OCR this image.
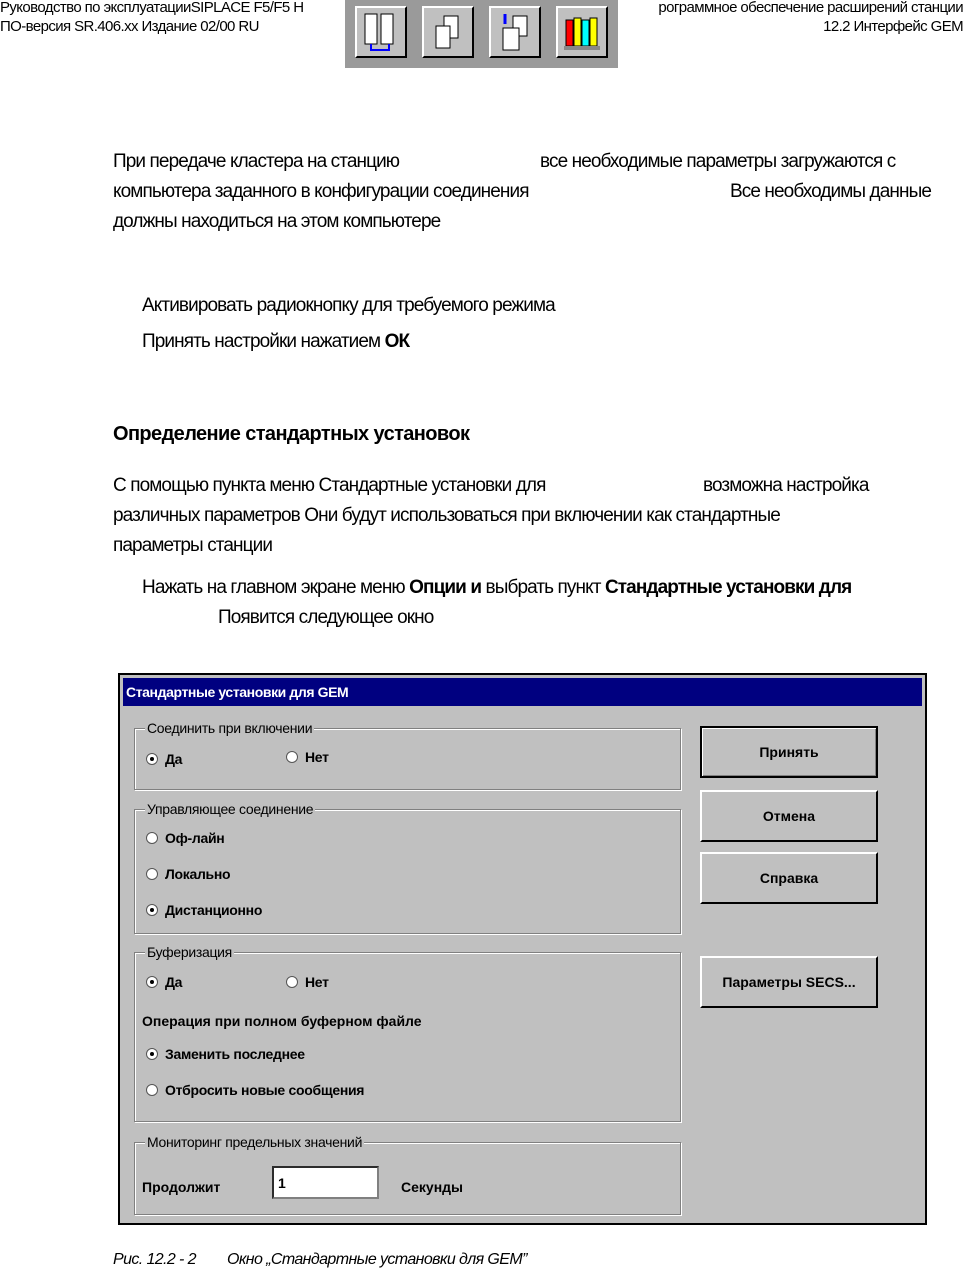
Руководство по эксплуатацииSIPLACE F5/F5 H	рограммное обеспечение расширений станции
ПО-версия SR.406.xx Издание 02/00 RU	12.2 Интерфейс GEM
При передаче кластера на станцию	все необходимые параметры загружаются с
компьютера заданного в конфигурации соединения	Все необходимы данные
должны находиться на этом компьютере
Активировать радиокнопку для требуемого режима
Принять настройки нажатием ОК
Определение стандартных установок
С помощью пункта меню Стандартные установки для	возможна настройка
различных параметров Они будут использоваться при включении как стандартные
параметры станции
Нажать на главном экране меню Опции и выбрать пункт Стандартные установки для
Появится следующее окно
Стандартные установки для GEM
Соединить при включении
Да	Нет
Управляющее соединение
Оф-лайн
Локально
Дистанционно
Буферизация
Да	Нет
Операция при полном буферном файле
Заменить последнее
Отбросить новые сообщения
Мониторинг предельных значений
Продолжит
1	Секунды
Принять
Отмена
Справка
Параметры SECS...
Рис. 12.2 - 2 Окно „Стандартные установки для GEM”
